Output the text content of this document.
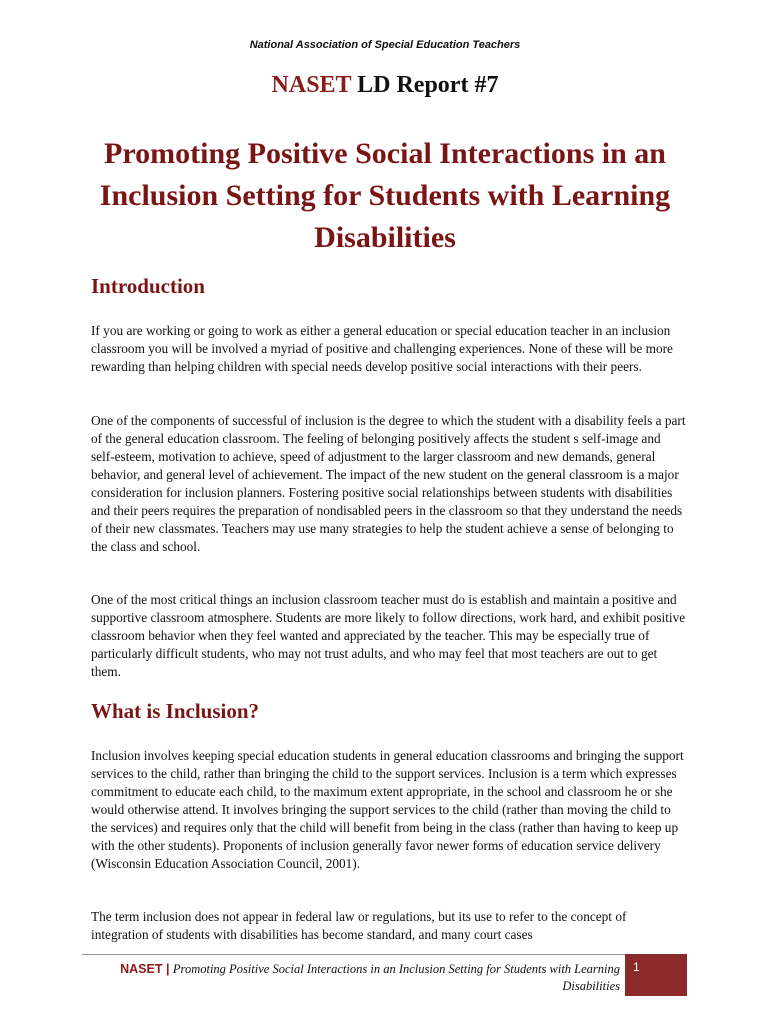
National Association of Special Education Teachers
NASET LD Report #7
Promoting Positive Social Interactions in an Inclusion Setting for Students with Learning Disabilities
Introduction

If you are working or going to work as either a general education or special education teacher in an inclusion classroom you will be involved a myriad of positive and challenging experiences. None of these will be more rewarding than helping children with special needs develop positive social interactions with their peers.

One of the components of successful of inclusion is the degree to which the student with a disability feels a part of the general education classroom. The feeling of belonging positively affects the student s self-image and self-esteem, motivation to achieve, speed of adjustment to the larger classroom and new demands, general behavior, and general level of achievement. The impact of the new student on the general classroom is a major consideration for inclusion planners. Fostering positive social relationships between students with disabilities and their peers requires the preparation of nondisabled peers in the classroom so that they understand the needs of their new classmates. Teachers may use many strategies to help the student achieve a sense of belonging to the class and school.

One of the most critical things an inclusion classroom teacher must do is establish and maintain a positive and supportive classroom atmosphere. Students are more likely to follow directions, work hard, and exhibit positive classroom behavior when they feel wanted and appreciated by the teacher. This may be especially true of particularly difficult students, who may not trust adults, and who may feel that most teachers are out to get them.

What is Inclusion?

Inclusion involves keeping special education students in general education classrooms and bringing the support services to the child, rather than bringing the child to the support services. Inclusion is a term which expresses commitment to educate each child, to the maximum extent appropriate, in the school and classroom he or she would otherwise attend. It involves bringing the support services to the child (rather than moving the child to the services) and requires only that the child will benefit from being in the class (rather than having to keep up with the other students). Proponents of inclusion generally favor newer forms of education service delivery (Wisconsin Education Association Council, 2001).

The term inclusion does not appear in federal law or regulations, but its use to refer to the concept of integration of students with disabilities has become standard, and many court cases

NASET | Promoting Positive Social Interactions in an Inclusion Setting for Students with Learning Disabilities
1
